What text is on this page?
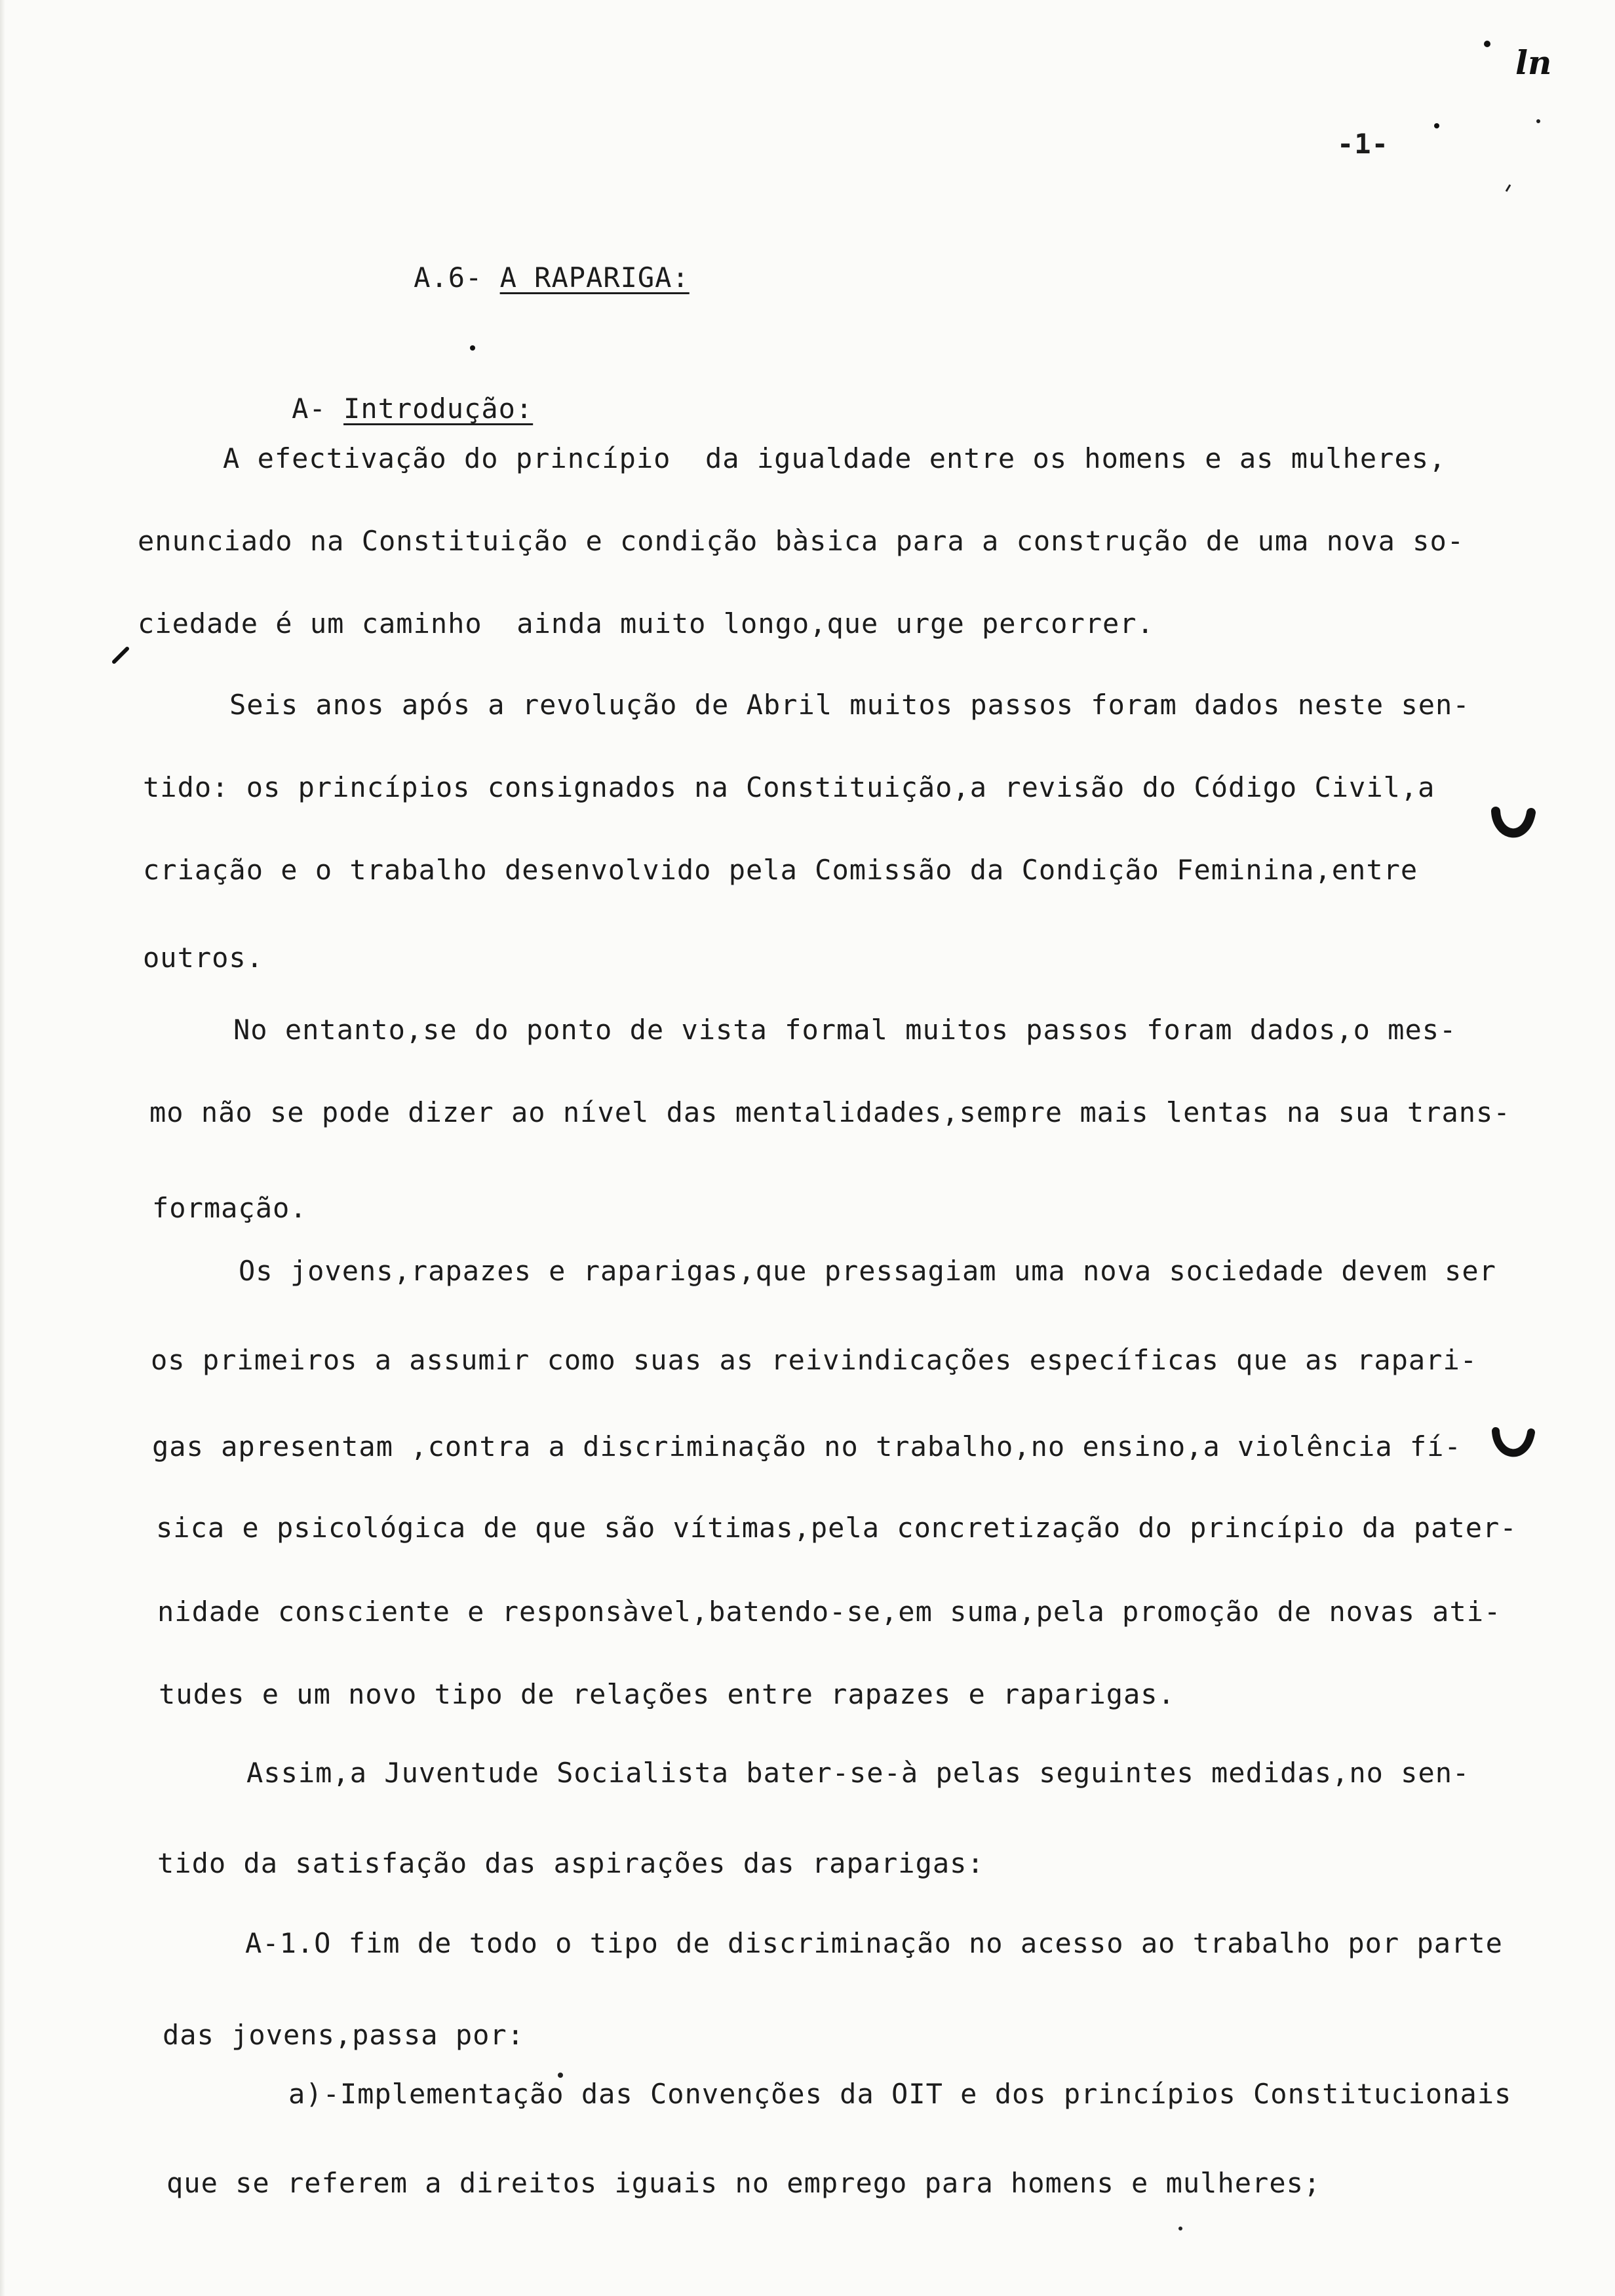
ln
-1-

A.6- A RAPARIGA:

A- Introdução:

A efectivação do princípio  da igualdade entre os homens e as mulheres,
enunciado na Constituição e condição bàsica para a construção de uma nova so-
ciedade é um caminho  ainda muito longo,que urge percorrer.
Seis anos após a revolução de Abril muitos passos foram dados neste sen-
tido: os princípios consignados na Constituição,a revisão do Código Civil,a
criação e o trabalho desenvolvido pela Comissão da Condição Feminina,entre
outros.
No entanto,se do ponto de vista formal muitos passos foram dados,o mes-
mo não se pode dizer ao nível das mentalidades,sempre mais lentas na sua trans-
formação.
Os jovens,rapazes e raparigas,que pressagiam uma nova sociedade devem ser
os primeiros a assumir como suas as reivindicações específicas que as rapari-
gas apresentam ,contra a discriminação no trabalho,no ensino,a violência fí-
sica e psicológica de que são vítimas,pela concretização do princípio da pater-
nidade consciente e responsàvel,batendo-se,em suma,pela promoção de novas ati-
tudes e um novo tipo de relações entre rapazes e raparigas.
Assim,a Juventude Socialista bater-se-à pelas seguintes medidas,no sen-
tido da satisfação das aspirações das raparigas:
A-1.O fim de todo o tipo de discriminação no acesso ao trabalho por parte
das jovens,passa por:
a)-Implementação das Convenções da OIT e dos princípios Constitucionais
que se referem a direitos iguais no emprego para homens e mulheres;
